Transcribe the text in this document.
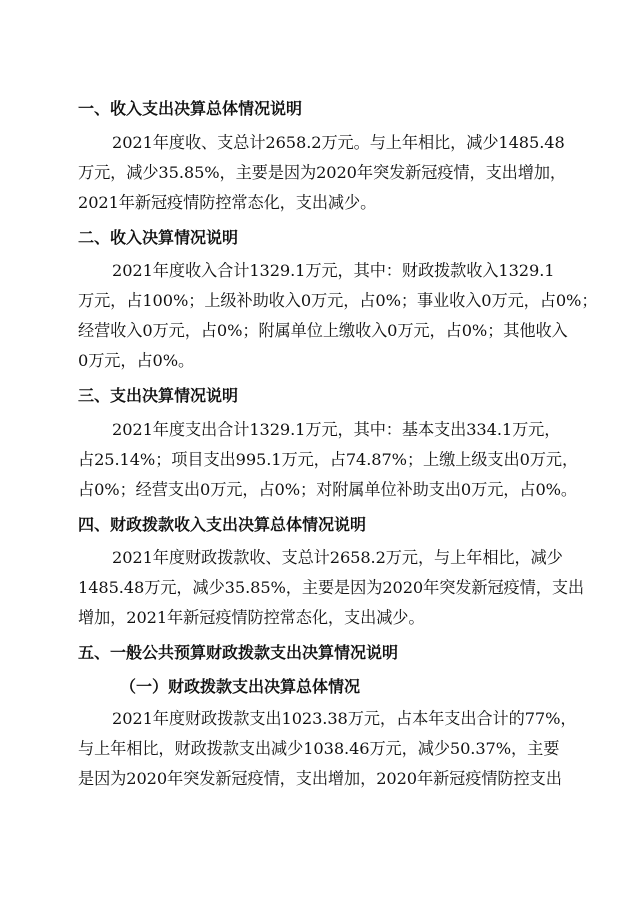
一、收入支出决算总体情况说明
2021年度收、支总计2658.2万元。与上年相比，减少1485.48
万元，减少35.85%，主要是因为2020年突发新冠疫情，支出增加，
2021年新冠疫情防控常态化，支出减少。
二、收入决算情况说明
2021年度收入合计1329.1万元，其中：财政拨款收入1329.1
万元，占100%；上级补助收入0万元，占0%；事业收入0万元，占0%；
经营收入0万元，占0%；附属单位上缴收入0万元，占0%；其他收入
0万元，占0%。
三、支出决算情况说明
2021年度支出合计1329.1万元，其中：基本支出334.1万元，
占25.14%；项目支出995.1万元，占74.87%；上缴上级支出0万元，
占0%；经营支出0万元，占0%；对附属单位补助支出0万元，占0%。
四、财政拨款收入支出决算总体情况说明
2021年度财政拨款收、支总计2658.2万元，与上年相比，减少
1485.48万元，减少35.85%，主要是因为2020年突发新冠疫情，支出
增加，2021年新冠疫情防控常态化，支出减少。
五、一般公共预算财政拨款支出决算情况说明
（一）财政拨款支出决算总体情况
2021年度财政拨款支出1023.38万元，占本年支出合计的77%，
与上年相比，财政拨款支出减少1038.46万元，减少50.37%，主要
是因为2020年突发新冠疫情，支出增加，2020年新冠疫情防控支出
